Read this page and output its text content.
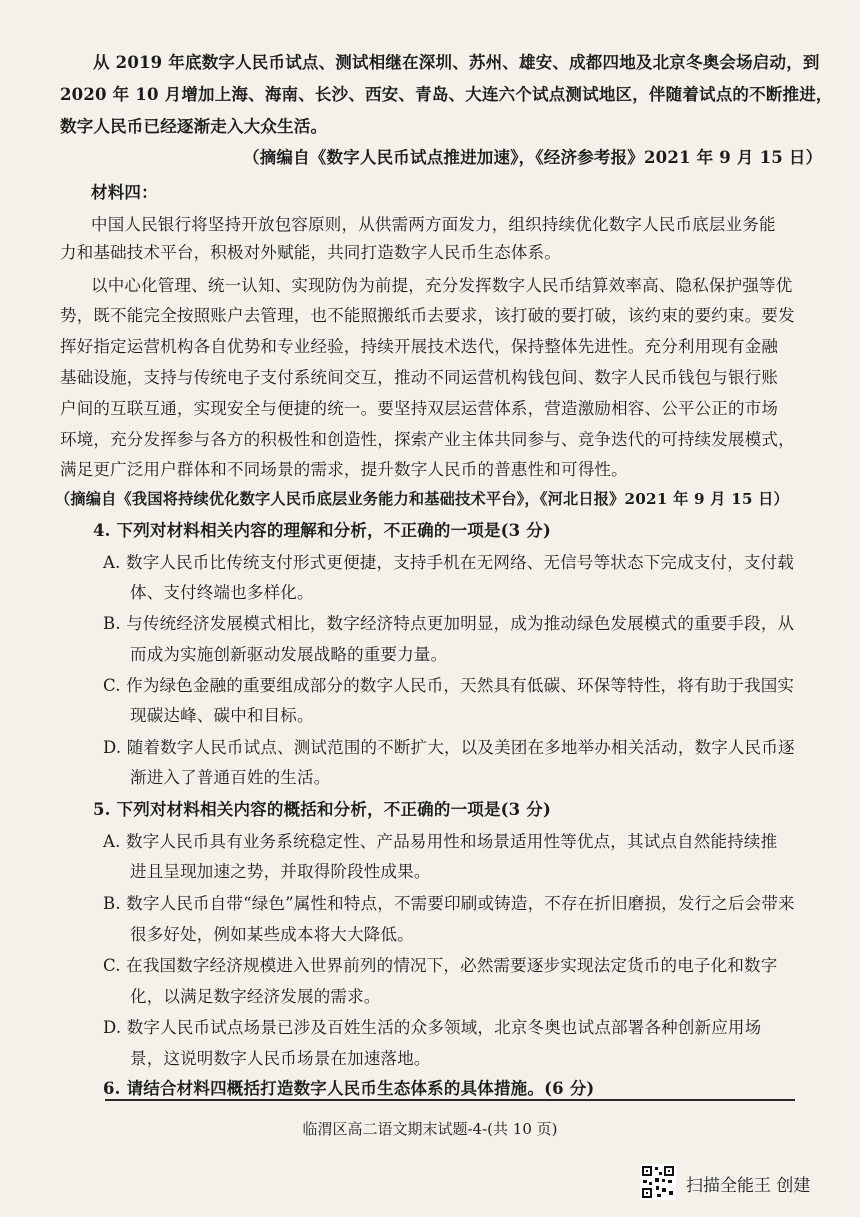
从 2019 年底数字人民币试点、测试相继在深圳、苏州、雄安、成都四地及北京冬奥会场启动，到
2020 年 10 月增加上海、海南、长沙、西安、青岛、大连六个试点测试地区，伴随着试点的不断推进，
数字人民币已经逐渐走入大众生活。
（摘编自《数字人民币试点推进加速》，《经济参考报》2021 年 9 月 15 日）
材料四：
中国人民银行将坚持开放包容原则，从供需两方面发力，组织持续优化数字人民币底层业务能
力和基础技术平台，积极对外赋能，共同打造数字人民币生态体系。
以中心化管理、统一认知、实现防伪为前提，充分发挥数字人民币结算效率高、隐私保护强等优
势，既不能完全按照账户去管理，也不能照搬纸币去要求，该打破的要打破，该约束的要约束。要发
挥好指定运营机构各自优势和专业经验，持续开展技术迭代，保持整体先进性。充分利用现有金融
基础设施，支持与传统电子支付系统间交互，推动不同运营机构钱包间、数字人民币钱包与银行账
户间的互联互通，实现安全与便捷的统一。要坚持双层运营体系，营造激励相容、公平公正的市场
环境，充分发挥参与各方的积极性和创造性，探索产业主体共同参与、竞争迭代的可持续发展模式，
满足更广泛用户群体和不同场景的需求，提升数字人民币的普惠性和可得性。
（摘编自《我国将持续优化数字人民币底层业务能力和基础技术平台》，《河北日报》2021 年 9 月 15 日）
4. 下列对材料相关内容的理解和分析，不正确的一项是(3 分)
A. 数字人民币比传统支付形式更便捷，支持手机在无网络、无信号等状态下完成支付，支付载
体、支付终端也多样化。
B. 与传统经济发展模式相比，数字经济特点更加明显，成为推动绿色发展模式的重要手段，从
而成为实施创新驱动发展战略的重要力量。
C. 作为绿色金融的重要组成部分的数字人民币，天然具有低碳、环保等特性，将有助于我国实
现碳达峰、碳中和目标。
D. 随着数字人民币试点、测试范围的不断扩大，以及美团在多地举办相关活动，数字人民币逐
渐进入了普通百姓的生活。
5. 下列对材料相关内容的概括和分析，不正确的一项是(3 分)
A. 数字人民币具有业务系统稳定性、产品易用性和场景适用性等优点，其试点自然能持续推
进且呈现加速之势，并取得阶段性成果。
B. 数字人民币自带“绿色”属性和特点，不需要印刷或铸造，不存在折旧磨损，发行之后会带来
很多好处，例如某些成本将大大降低。
C. 在我国数字经济规模进入世界前列的情况下，必然需要逐步实现法定货币的电子化和数字
化，以满足数字经济发展的需求。
D. 数字人民币试点场景已涉及百姓生活的众多领域，北京冬奥也试点部署各种创新应用场
景，这说明数字人民币场景在加速落地。
6. 请结合材料四概括打造数字人民币生态体系的具体措施。(6 分)
临渭区高二语文期末试题-4-(共 10 页)
扫描全能王 创建
